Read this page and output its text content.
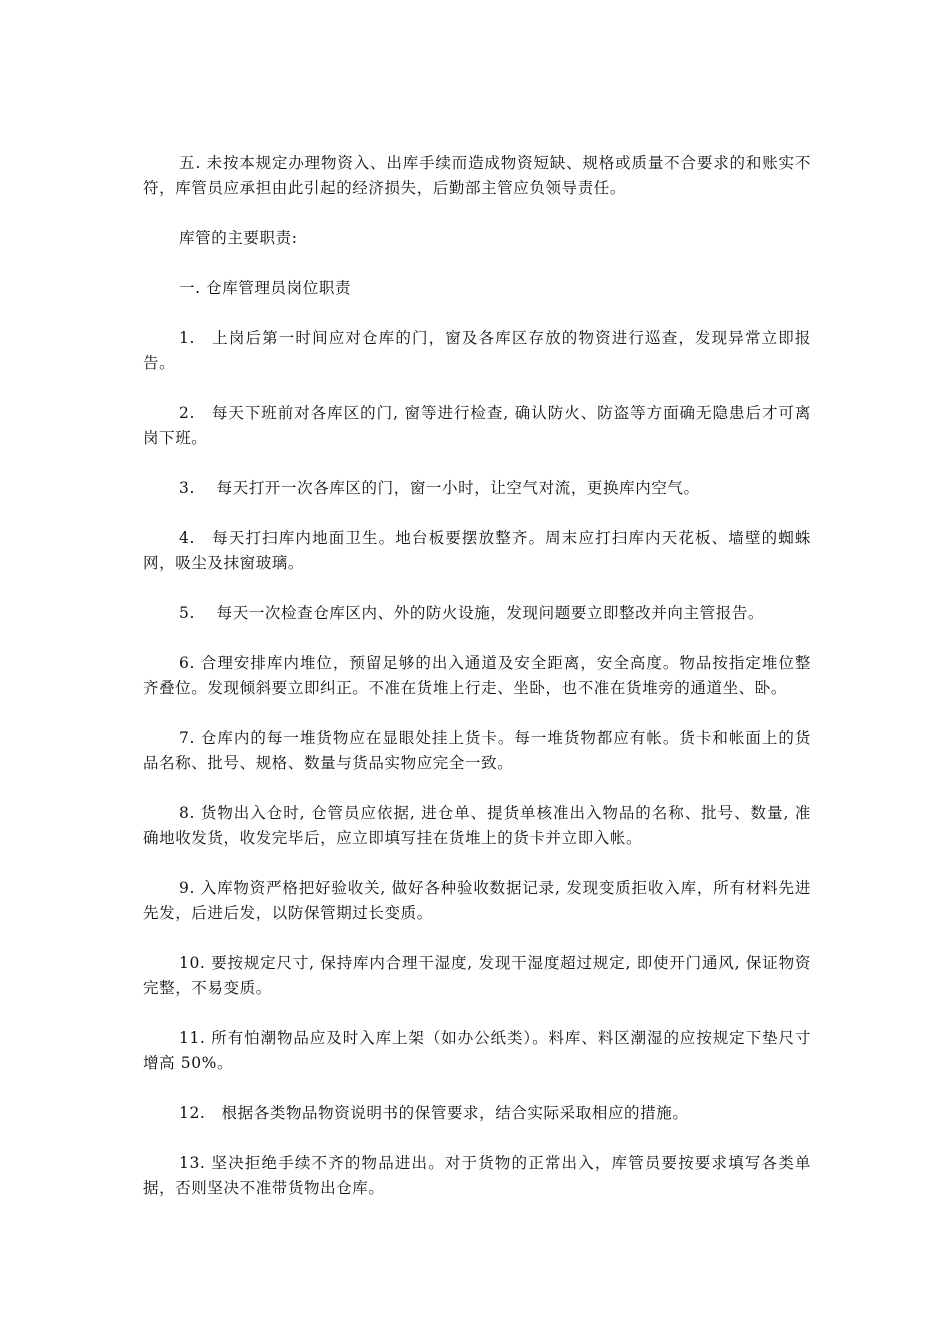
五. 未按本规定办理物资入、出库手续而造成物资短缺、规格或质量不合要求的和账实不符，库管员应承担由此引起的经济损失，后勤部主管应负领导责任。

库管的主要职责:

一. 仓库管理员岗位职责

1.　上岗后第一时间应对仓库的门，窗及各库区存放的物资进行巡查，发现异常立即报告。

2.　每天下班前对各库区的门, 窗等进行检查, 确认防火、防盗等方面确无隐患后才可离岗下班。

3.　 每天打开一次各库区的门，窗一小时，让空气对流，更换库内空气。

4.　每天打扫库内地面卫生。地台板要摆放整齐。周末应打扫库内天花板、墙壁的蜘蛛网，吸尘及抹窗玻璃。

5.　 每天一次检查仓库区内、外的防火设施，发现问题要立即整改并向主管报告。

6. 合理安排库内堆位，预留足够的出入通道及安全距离，安全高度。物品按指定堆位整齐叠位。发现倾斜要立即纠正。不准在货堆上行走、坐卧，也不准在货堆旁的通道坐、卧。

7. 仓库内的每一堆货物应在显眼处挂上货卡。每一堆货物都应有帐。货卡和帐面上的货品名称、批号、规格、数量与货品实物应完全一致。

8. 货物出入仓时, 仓管员应依据, 进仓单、提货单核准出入物品的名称、批号、数量, 准确地收发货，收发完毕后，应立即填写挂在货堆上的货卡并立即入帐。

9. 入库物资严格把好验收关, 做好各种验收数据记录, 发现变质拒收入库，所有材料先进先发，后进后发，以防保管期过长变质。

10. 要按规定尺寸, 保持库内合理干湿度, 发现干湿度超过规定, 即使开门通风, 保证物资完整，不易变质。

11. 所有怕潮物品应及时入库上架（如办公纸类）。料库、料区潮湿的应按规定下垫尺寸增高 50%。

12.　根据各类物品物资说明书的保管要求，结合实际采取相应的措施。

13. 坚决拒绝手续不齐的物品进出。对于货物的正常出入，库管员要按要求填写各类单据，否则坚决不准带货物出仓库。
